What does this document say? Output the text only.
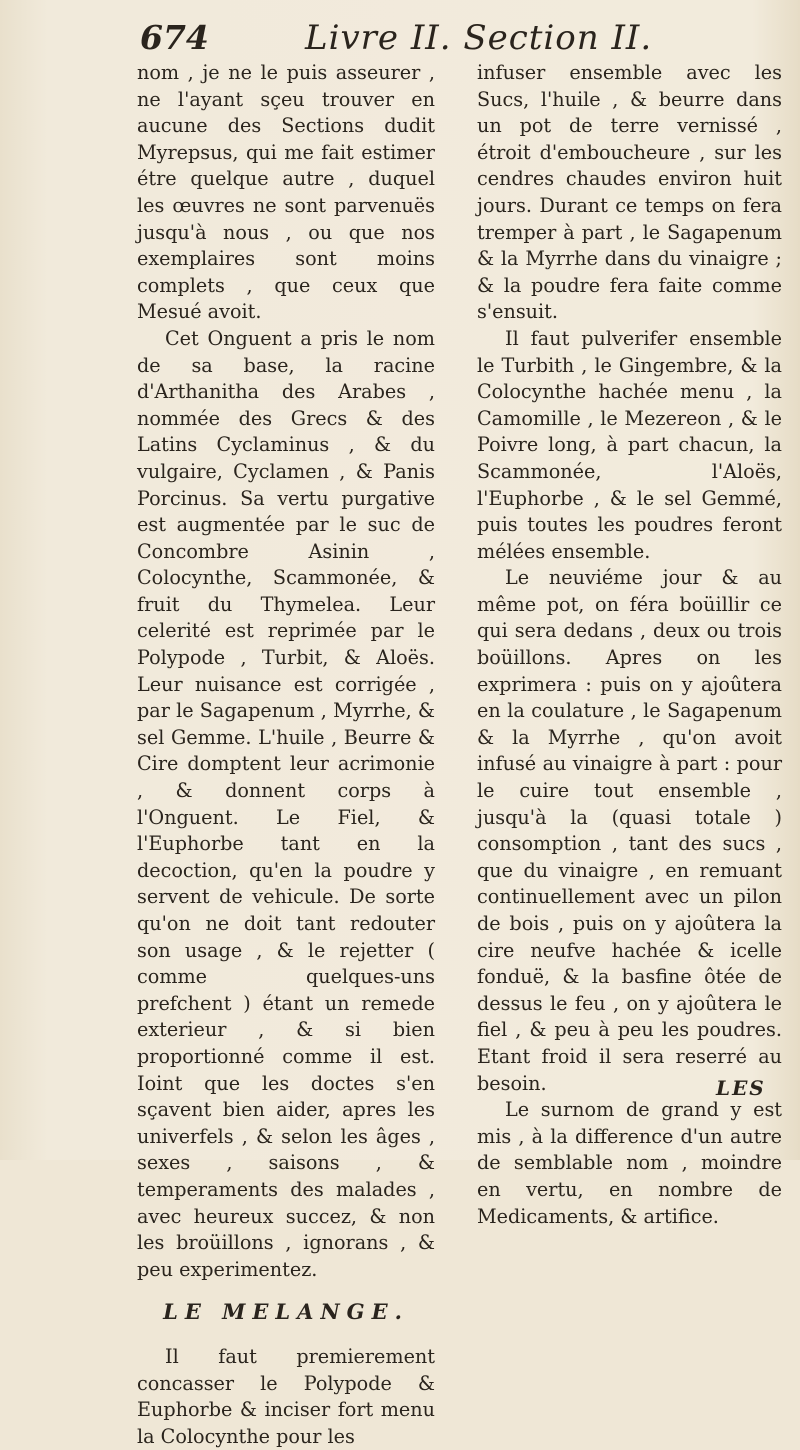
674	Livre II. Section II.

nom , je ne le puis asseurer , ne l'ayant sçeu trouver en aucune des Sections dudit Myrepsus, qui me fait estimer étre quelque autre , duquel les œuvres ne sont parvenuës jusqu'à nous , ou que nos exemplaires sont moins complets , que ceux que Mesué avoit.

Cet Onguent a pris le nom de sa base, la racine d'Arthanitha des Arabes , nommée des Grecs & des Latins Cyclaminus , & du vulgaire, Cyclamen , & Panis Porcinus. Sa vertu purgative est augmentée par le suc de Concombre Asinin , Colocynthe, Scammonée, & fruit du Thymelea. Leur celerité est reprimée par le Polypode , Turbit, & Aloës. Leur nuisance est corrigée , par le Sagapenum , Myrrhe, & sel Gemme. L'huile , Beurre & Cire domptent leur acrimonie , & donnent corps à l'Onguent. Le Fiel, & l'Euphorbe tant en la decoction, qu'en la poudre y servent de vehicule. De sorte qu'on ne doit tant redouter son usage , & le rejetter ( comme quelques-uns prefchent ) étant un remede exterieur , & si bien proportionné comme il est. Ioint que les doctes s'en sçavent bien aider, apres les univerfels , & selon les âges , sexes , saisons , & temperaments des malades , avec heureux succez, & non les broüillons , ignorans , & peu experimentez.

LE MELANGE.

Il faut premierement concasser le Polypode & Euphorbe & inciser fort menu la Colocynthe pour les

infuser ensemble avec les Sucs, l'huile , & beurre dans un pot de terre vernissé , étroit d'emboucheure , sur les cendres chaudes environ huit jours. Durant ce temps on fera tremper à part , le Sagapenum & la Myrrhe dans du vinaigre ; & la poudre fera faite comme s'ensuit.

Il faut pulverifer ensemble le Turbith , le Gingembre, & la Colocynthe hachée menu , la Camomille , le Mezereon , & le Poivre long, à part chacun, la Scammonée, l'Aloës, l'Euphorbe , & le sel Gemmé, puis toutes les poudres feront mélées ensemble.

Le neuviéme jour & au même pot, on féra boüillir ce qui sera dedans , deux ou trois boüillons. Apres on les exprimera : puis on y ajoûtera en la coulature , le Sagapenum & la Myrrhe , qu'on avoit infusé au vinaigre à part : pour le cuire tout ensemble , jusqu'à la (quasi totale ) consomption , tant des sucs , que du vinaigre , en remuant continuellement avec un pilon de bois , puis on y ajoûtera la cire neufve hachée & icelle fonduë, & la basfine ôtée de dessus le feu , on y ajoûtera le fiel , & peu à peu les poudres. Etant froid il sera reserré au besoin.

Le surnom de grand y est mis , à la difference d'un autre de semblable nom , moindre en vertu, en nombre de Medicaments, & artifice.

LES
